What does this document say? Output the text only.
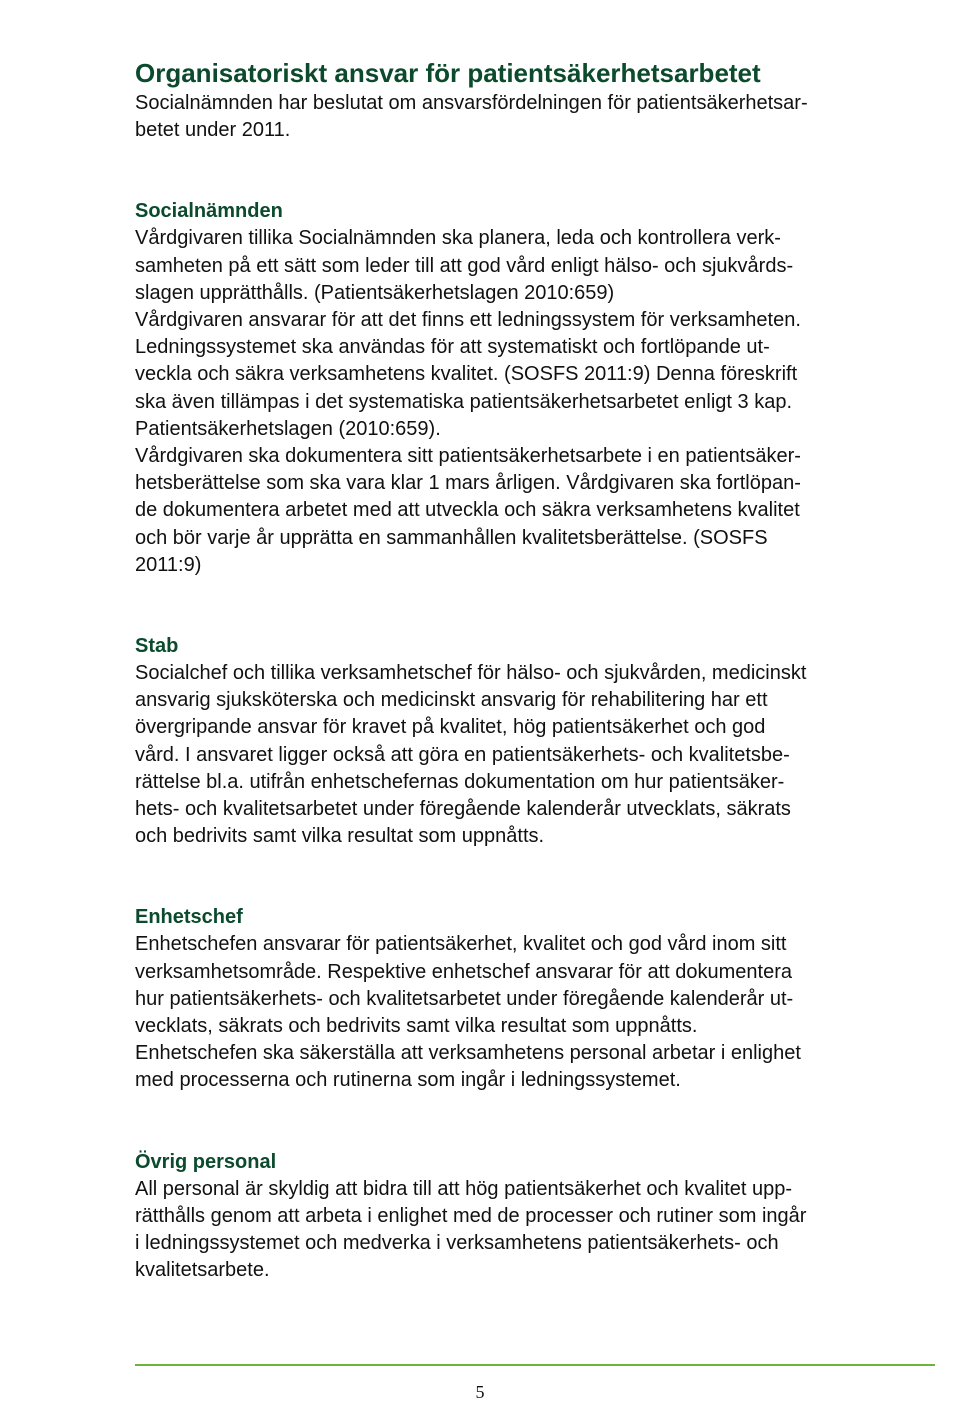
Organisatoriskt ansvar för patientsäkerhetsarbetet

Socialnämnden har beslutat om ansvarsfördelningen för patientsäkerhetsar-

betet under 2011.

Socialnämnden

Vårdgivaren tillika Socialnämnden ska planera, leda och kontrollera verk-

samheten på ett sätt som leder till att god vård enligt hälso- och sjukvårds-

slagen upprätthålls. (Patientsäkerhetslagen 2010:659)

Vårdgivaren ansvarar för att det finns ett ledningssystem för verksamheten.

Ledningssystemet ska användas för att systematiskt och fortlöpande ut-

veckla och säkra verksamhetens kvalitet. (SOSFS 2011:9) Denna föreskrift

ska även tillämpas i det systematiska patientsäkerhetsarbetet enligt 3 kap.

Patientsäkerhetslagen (2010:659).

Vårdgivaren ska dokumentera sitt patientsäkerhetsarbete i en patientsäker-

hetsberättelse som ska vara klar 1 mars årligen. Vårdgivaren ska fortlöpan-

de dokumentera arbetet med att utveckla och säkra verksamhetens kvalitet

och bör varje år upprätta en sammanhållen kvalitetsberättelse. (SOSFS

2011:9)

Stab

Socialchef och tillika verksamhetschef för hälso- och sjukvården, medicinskt

ansvarig sjuksköterska och medicinskt ansvarig för rehabilitering har ett

övergripande ansvar för kravet på kvalitet, hög patientsäkerhet och god

vård. I ansvaret ligger också att göra en patientsäkerhets- och kvalitetsbe-

rättelse bl.a. utifrån enhetschefernas dokumentation om hur patientsäker-

hets- och kvalitetsarbetet under föregående kalenderår utvecklats, säkrats

och bedrivits samt vilka resultat som uppnåtts.

Enhetschef

Enhetschefen ansvarar för patientsäkerhet, kvalitet och god vård inom sitt

verksamhetsområde. Respektive enhetschef ansvarar för att dokumentera

hur patientsäkerhets- och kvalitetsarbetet under föregående kalenderår ut-

vecklats, säkrats och bedrivits samt vilka resultat som uppnåtts.

Enhetschefen ska säkerställa att verksamhetens personal arbetar i enlighet

med processerna och rutinerna som ingår i ledningssystemet.

Övrig personal

All personal är skyldig att bidra till att hög patientsäkerhet och kvalitet upp-

rätthålls genom att arbeta i enlighet med de processer och rutiner som ingår

i ledningssystemet och medverka i verksamhetens patientsäkerhets- och

kvalitetsarbete.

5
